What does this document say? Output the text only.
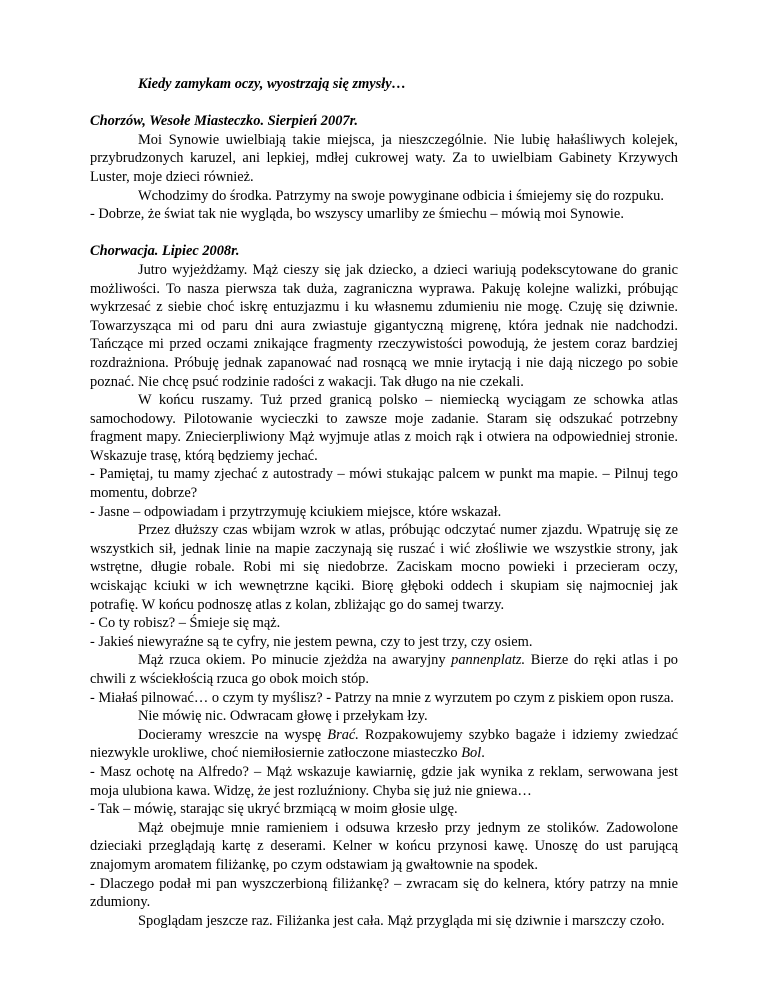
Kiedy zamykam oczy, wyostrzają się zmysły…

Chorzów, Wesołe Miasteczko. Sierpień 2007r.

Moi Synowie uwielbiają takie miejsca, ja nieszczególnie. Nie lubię hałaśliwych kolejek, przybrudzonych karuzel, ani lepkiej, mdłej cukrowej waty. Za to uwielbiam Gabinety Krzywych Luster, moje dzieci również.

Wchodzimy do środka. Patrzymy na swoje powyginane odbicia i śmiejemy się do rozpuku.

- Dobrze, że świat tak nie wygląda, bo wszyscy umarliby ze śmiechu – mówią moi Synowie.

Chorwacja. Lipiec 2008r.

Jutro wyjeżdżamy. Mąż cieszy się jak dziecko, a dzieci wariują podekscytowane do granic możliwości. To nasza pierwsza tak duża, zagraniczna wyprawa. Pakuję kolejne walizki, próbując wykrzesać z siebie choć iskrę entuzjazmu i ku własnemu zdumieniu nie mogę. Czuję się dziwnie. Towarzysząca mi od paru dni aura zwiastuje gigantyczną migrenę, która jednak nie nadchodzi. Tańczące mi przed oczami znikające fragmenty rzeczywistości powodują, że jestem coraz bardziej rozdrażniona. Próbuję jednak zapanować nad rosnącą we mnie irytacją i nie dają niczego po sobie poznać. Nie chcę psuć rodzinie radości z wakacji. Tak długo na nie czekali.

W końcu ruszamy. Tuż przed granicą polsko – niemiecką wyciągam ze schowka atlas samochodowy. Pilotowanie wycieczki to zawsze moje zadanie. Staram się odszukać potrzebny fragment mapy. Zniecierpliwiony Mąż wyjmuje atlas z moich rąk i otwiera na odpowiedniej stronie. Wskazuje trasę, którą będziemy jechać.

- Pamiętaj, tu mamy zjechać z autostrady – mówi stukając palcem w punkt ma mapie. – Pilnuj tego momentu, dobrze?

- Jasne – odpowiadam i przytrzymuję kciukiem miejsce, które wskazał.

Przez dłuższy czas wbijam wzrok w atlas, próbując odczytać numer zjazdu. Wpatruję się ze wszystkich sił, jednak linie na mapie zaczynają się ruszać i wić złośliwie we wszystkie strony, jak wstrętne, długie robale. Robi mi się niedobrze. Zaciskam mocno powieki i przecieram oczy, wciskając kciuki w ich wewnętrzne kąciki. Biorę głęboki oddech i skupiam się najmocniej jak potrafię. W końcu podnoszę atlas z kolan, zbliżając go do samej twarzy.

- Co ty robisz? – Śmieje się mąż.

- Jakieś niewyraźne są te cyfry, nie jestem pewna, czy to jest trzy, czy osiem.

Mąż rzuca okiem. Po minucie zjeżdża na awaryjny pannenplatz. Bierze do ręki atlas i po chwili z wściekłością rzuca go obok moich stóp.

- Miałaś pilnować… o czym ty myślisz? - Patrzy na mnie z wyrzutem po czym z piskiem opon rusza.

Nie mówię nic. Odwracam głowę i przełykam łzy.

Docieramy wreszcie na wyspę Brać. Rozpakowujemy szybko bagaże i idziemy zwiedzać niezwykle urokliwe, choć niemiłosiernie zatłoczone miasteczko Bol.

- Masz ochotę na Alfredo? – Mąż wskazuje kawiarnię, gdzie jak wynika z reklam, serwowana jest moja ulubiona kawa. Widzę, że jest rozluźniony. Chyba się już nie gniewa…

- Tak – mówię, starając się ukryć brzmiącą w moim głosie ulgę.

Mąż obejmuje mnie ramieniem i odsuwa krzesło przy jednym ze stolików. Zadowolone dzieciaki przeglądają kartę z deserami. Kelner w końcu przynosi kawę. Unoszę do ust parującą znajomym aromatem filiżankę, po czym odstawiam ją gwałtownie na spodek.

- Dlaczego podał mi pan wyszczerbioną filiżankę? – zwracam się do kelnera, który patrzy na mnie zdumiony.

Spoglądam jeszcze raz. Filiżanka jest cała. Mąż przygląda mi się dziwnie i marszczy czoło.
